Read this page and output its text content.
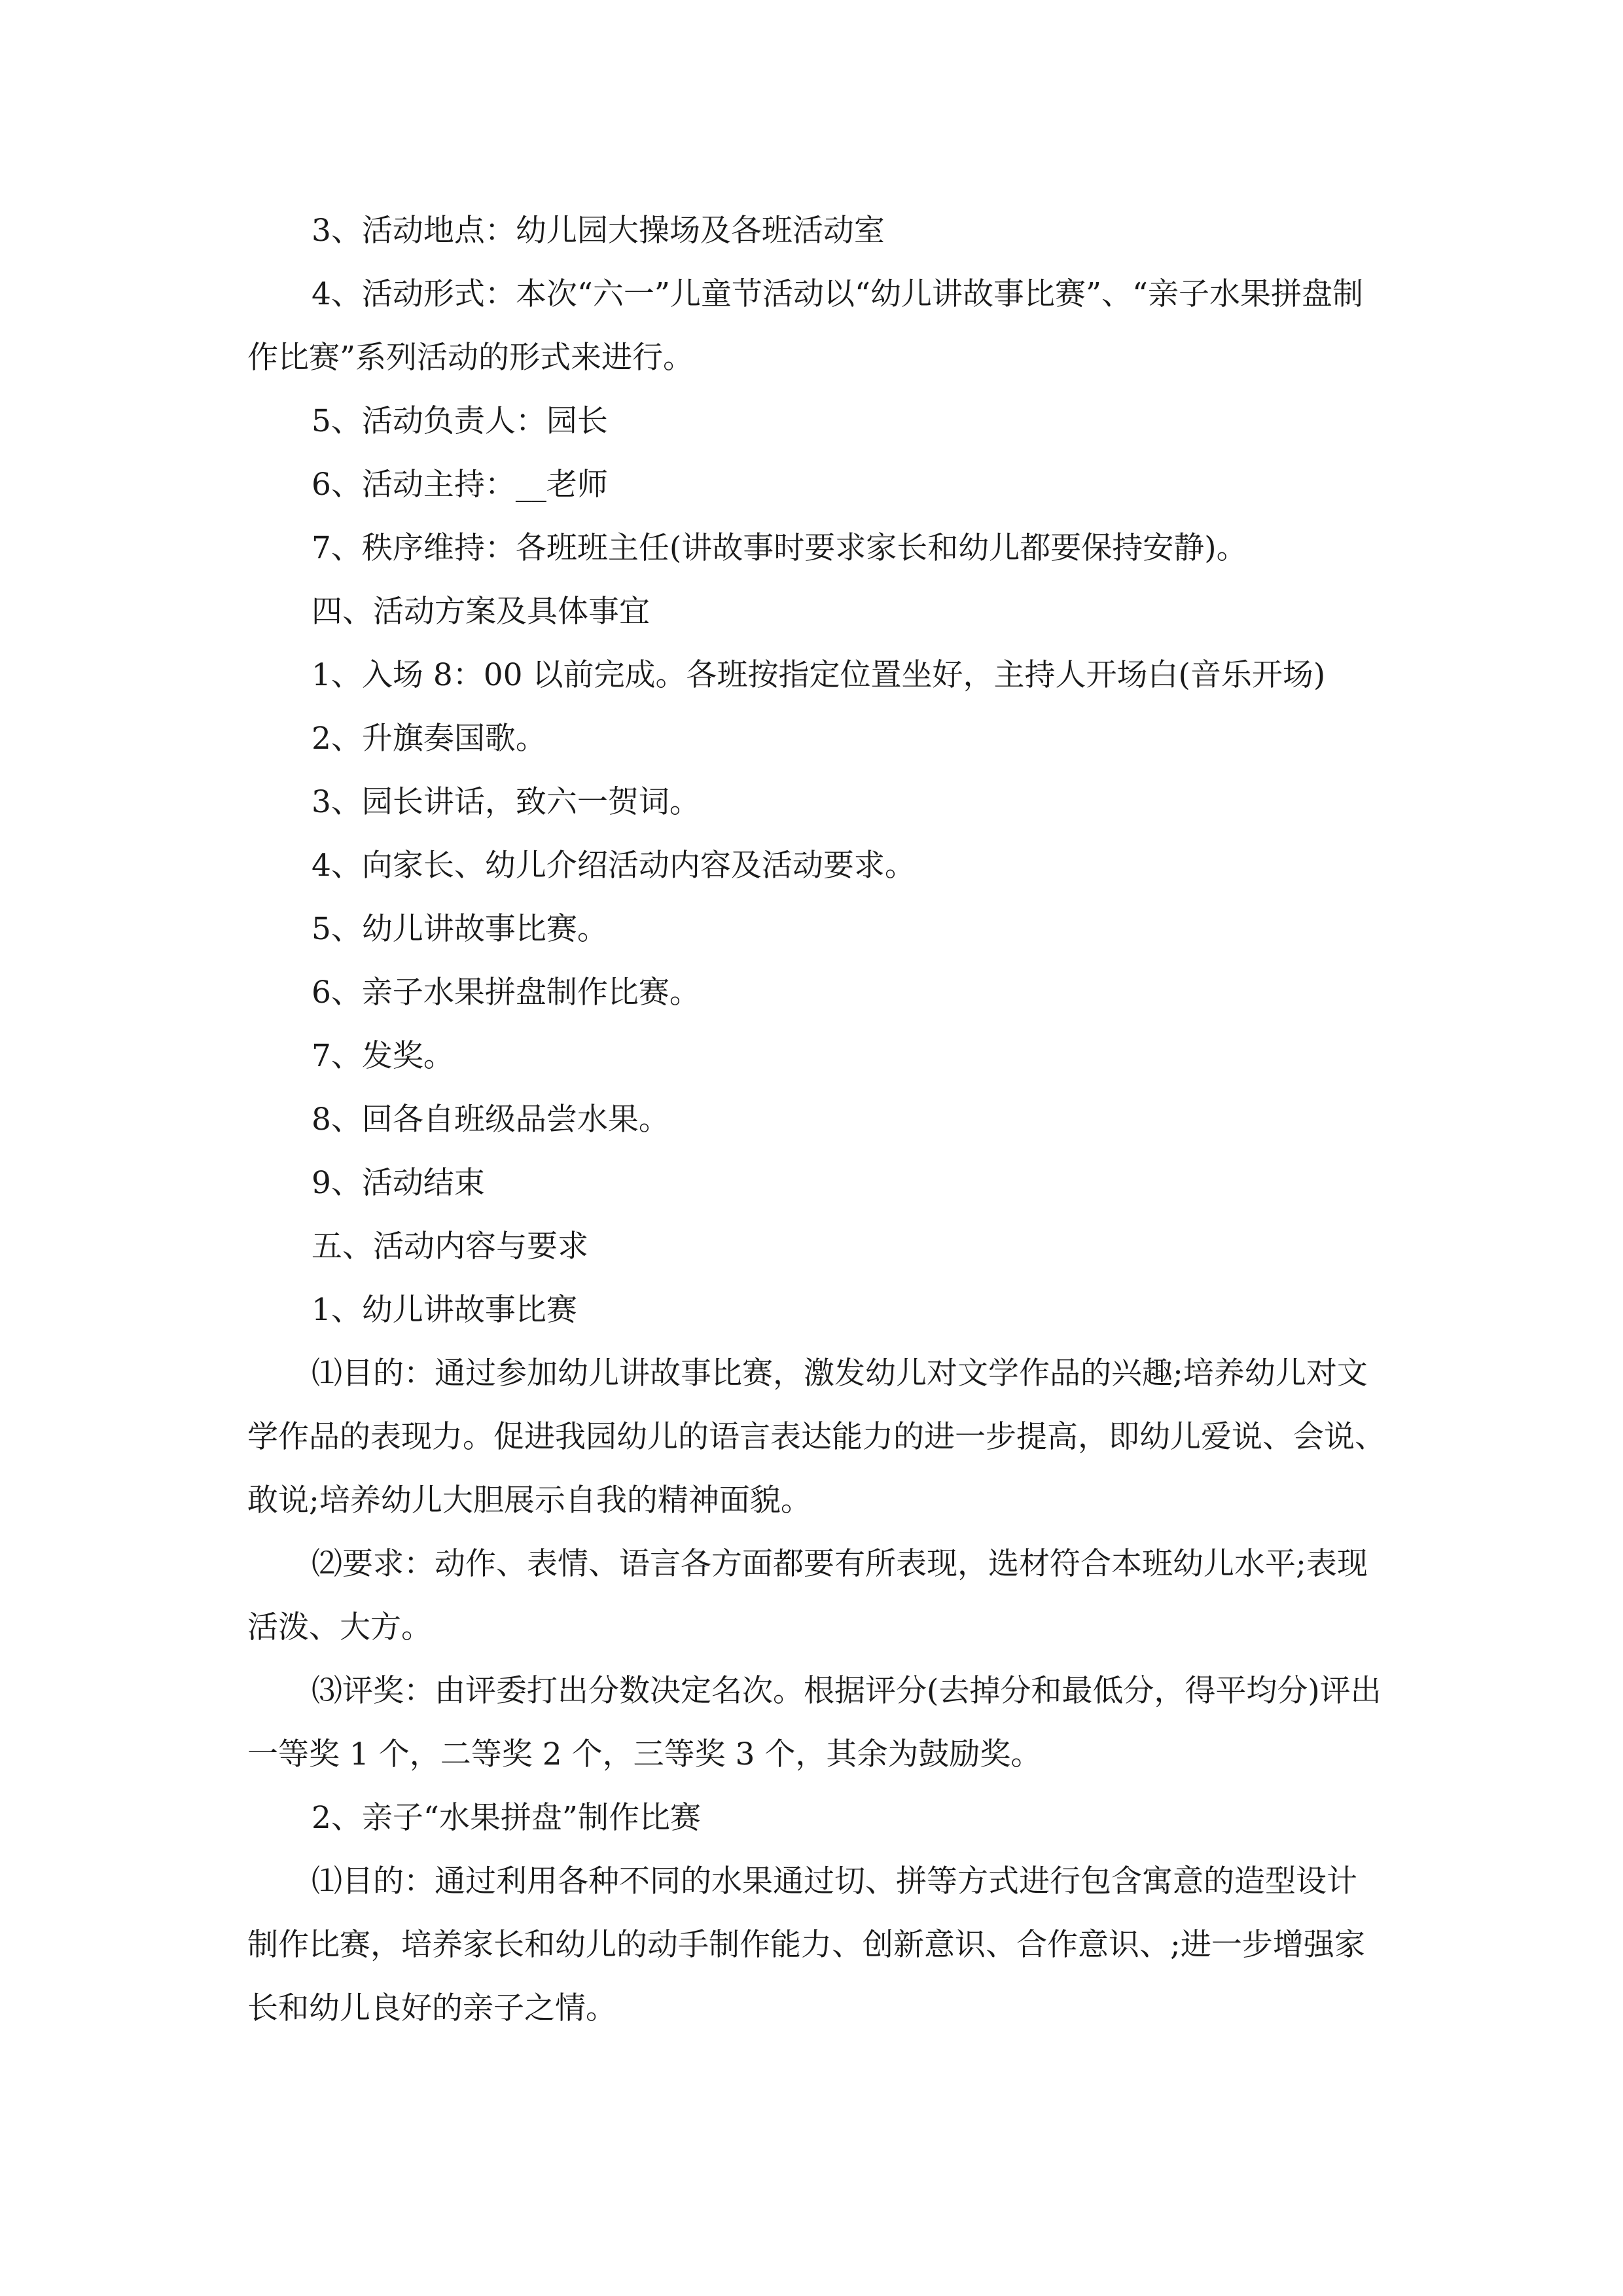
3、活动地点：幼儿园大操场及各班活动室

4、活动形式：本次“六一”儿童节活动以“幼儿讲故事比赛”、“亲子水果拼盘制作比赛”系列活动的形式来进行。

5、活动负责人：园长

6、活动主持：__老师

7、秩序维持：各班班主任(讲故事时要求家长和幼儿都要保持安静)。

四、活动方案及具体事宜

1、入场 8：00 以前完成。各班按指定位置坐好，主持人开场白(音乐开场)

2、升旗奏国歌。

3、园长讲话，致六一贺词。

4、向家长、幼儿介绍活动内容及活动要求。

5、幼儿讲故事比赛。

6、亲子水果拼盘制作比赛。

7、发奖。

8、回各自班级品尝水果。

9、活动结束

五、活动内容与要求

1、幼儿讲故事比赛

⑴目的：通过参加幼儿讲故事比赛，激发幼儿对文学作品的兴趣;培养幼儿对文学作品的表现力。促进我园幼儿的语言表达能力的进一步提高，即幼儿爱说、会说、敢说;培养幼儿大胆展示自我的精神面貌。

⑵要求：动作、表情、语言各方面都要有所表现，选材符合本班幼儿水平;表现活泼、大方。

⑶评奖：由评委打出分数决定名次。根据评分(去掉分和最低分，得平均分)评出一等奖 1 个，二等奖 2 个，三等奖 3 个，其余为鼓励奖。

2、亲子“水果拼盘”制作比赛

⑴目的：通过利用各种不同的水果通过切、拼等方式进行包含寓意的造型设计制作比赛，培养家长和幼儿的动手制作能力、创新意识、合作意识、;进一步增强家长和幼儿良好的亲子之情。
